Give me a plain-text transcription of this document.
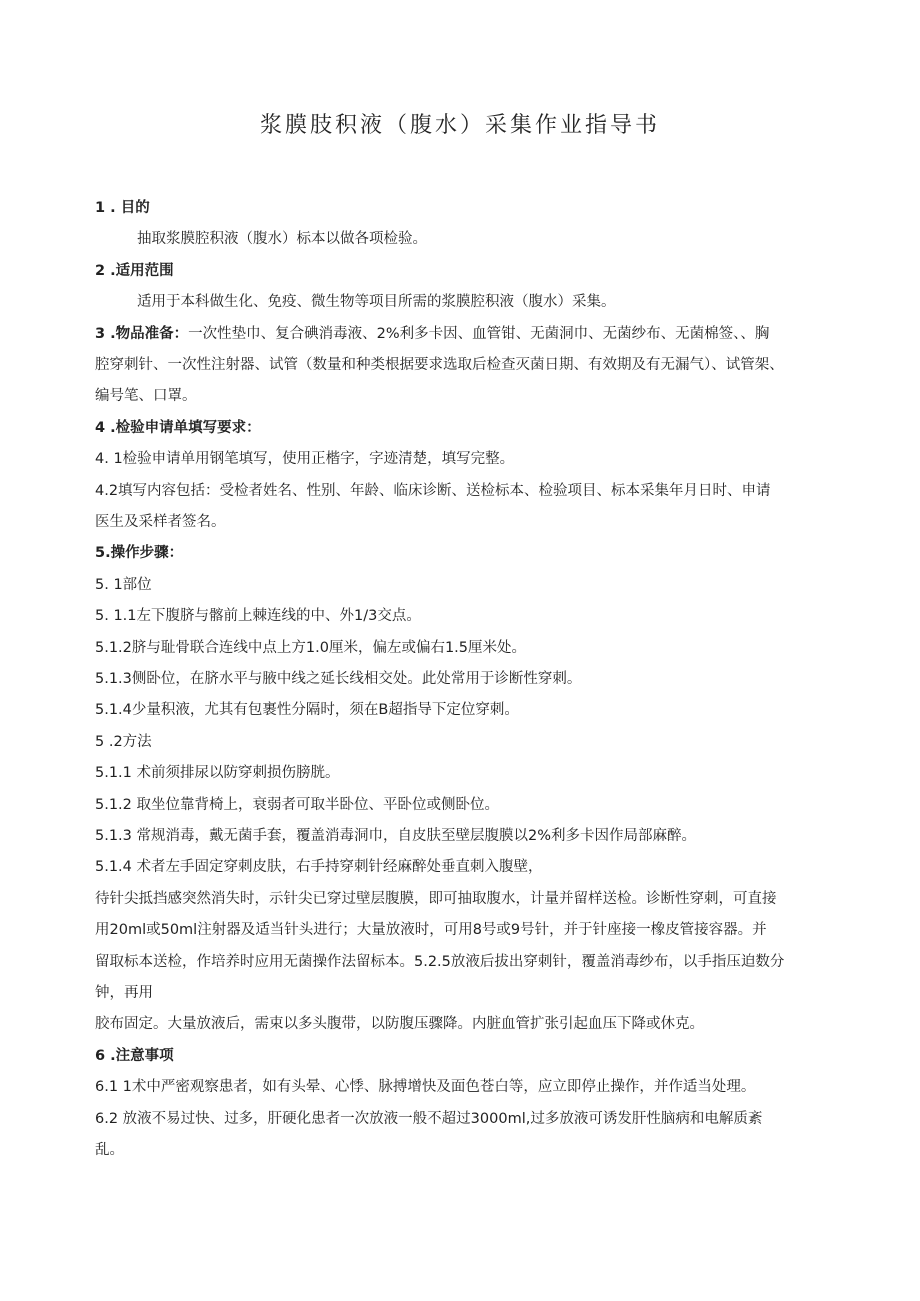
浆膜肢积液（腹水）采集作业指导书
1 . 目的
抽取浆膜腔积液（腹水）标本以做各项检验。
2 .适用范围
适用于本科做生化、免疫、微生物等项目所需的浆膜腔积液（腹水）采集。
3 .物品准备：一次性垫巾、复合碘消毒液、2%利多卡因、血管钳、无菌洞巾、无菌纱布、无菌棉签、、胸
腔穿刺针、一次性注射器、试管（数量和种类根据要求选取后检查灭菌日期、有效期及有无漏气）、试管架、
编号笔、口罩。
4 .检验申请单填写要求：
4. 1检验申请单用钢笔填写，使用正楷字，字迹清楚，填写完整。
4.2填写内容包括：受检者姓名、性别、年龄、临床诊断、送检标本、检验项目、标本采集年月日时、申请
医生及采样者签名。
5.操作步骤：
5. 1部位
5. 1.1左下腹脐与髂前上棘连线的中、外1/3交点。
5.1.2脐与耻骨联合连线中点上方1.0厘米，偏左或偏右1.5厘米处。
5.1.3侧卧位，在脐水平与腋中线之延长线相交处。此处常用于诊断性穿刺。
5.1.4少量积液，尤其有包裹性分隔时，须在B超指导下定位穿刺。
5 .2方法
5.1.1 术前须排尿以防穿刺损伤膀胱。
5.1.2 取坐位靠背椅上，衰弱者可取半卧位、平卧位或侧卧位。
5.1.3 常规消毒，戴无菌手套，覆盖消毒洞巾，自皮肤至壁层腹膜以2%利多卡因作局部麻醉。
5.1.4 术者左手固定穿刺皮肤，右手持穿刺针经麻醉处垂直刺入腹壁，
待针尖抵挡感突然消失时，示针尖已穿过壁层腹膜，即可抽取腹水，计量并留样送检。诊断性穿刺，可直接
用20ml或50ml注射器及适当针头进行；大量放液时，可用8号或9号针，并于针座接一橡皮管接容器。并
留取标本送检，作培养时应用无菌操作法留标本。5.2.5放液后拔出穿刺针，覆盖消毒纱布，以手指压迫数分
钟，再用
胶布固定。大量放液后，需束以多头腹带，以防腹压骤降。内脏血管扩张引起血压下降或休克。
6 .注意事项
6.1 1术中严密观察患者，如有头晕、心悸、脉搏增快及面色苍白等，应立即停止操作，并作适当处理。
6.2 放液不易过快、过多，肝硬化患者一次放液一般不超过3000ml,过多放液可诱发肝性脑病和电解质紊
乱。
